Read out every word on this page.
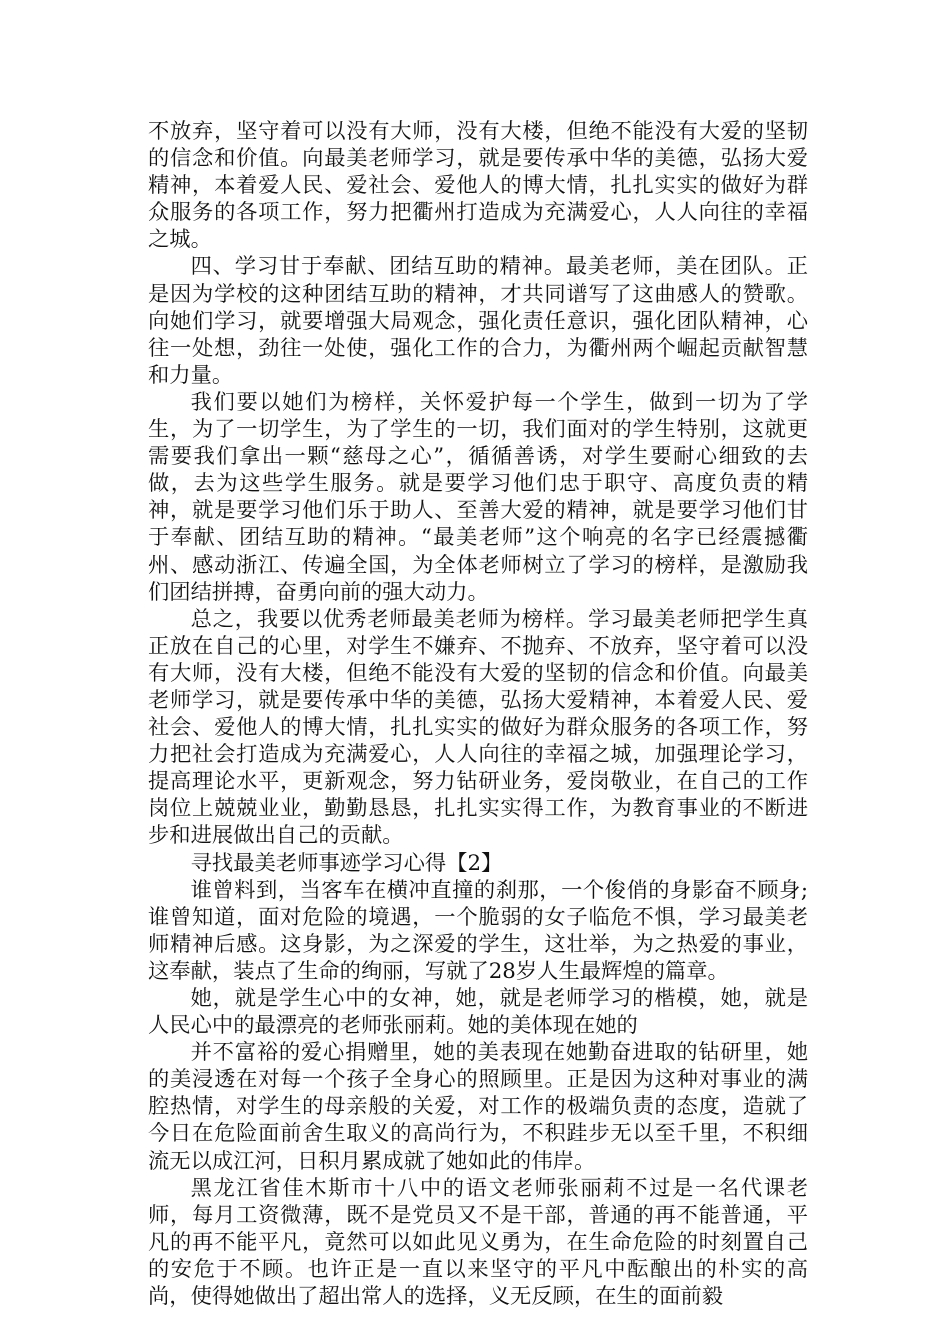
不放弃，坚守着可以没有大师，没有大楼，但绝不能没有大爱的坚韧的信念和价值。向最美老师学习，就是要传承中华的美德，弘扬大爱精神，本着爱人民、爱社会、爱他人的博大情，扎扎实实的做好为群众服务的各项工作，努力把衢州打造成为充满爱心，人人向往的幸福之城。

四、学习甘于奉献、团结互助的精神。最美老师，美在团队。正是因为学校的这种团结互助的精神，才共同谱写了这曲感人的赞歌。向她们学习，就要增强大局观念，强化责任意识，强化团队精神，心往一处想，劲往一处使，强化工作的合力，为衢州两个崛起贡献智慧和力量。

我们要以她们为榜样，关怀爱护每一个学生，做到一切为了学生，为了一切学生，为了学生的一切，我们面对的学生特别，这就更需要我们拿出一颗“慈母之心”，循循善诱，对学生要耐心细致的去做，去为这些学生服务。就是要学习他们忠于职守、高度负责的精神，就是要学习他们乐于助人、至善大爱的精神，就是要学习他们甘于奉献、团结互助的精神。“最美老师”这个响亮的名字已经震撼衢州、感动浙江、传遍全国，为全体老师树立了学习的榜样，是激励我们团结拼搏，奋勇向前的强大动力。

总之，我要以优秀老师最美老师为榜样。学习最美老师把学生真正放在自己的心里，对学生不嫌弃、不抛弃、不放弃，坚守着可以没有大师，没有大楼，但绝不能没有大爱的坚韧的信念和价值。向最美老师学习，就是要传承中华的美德，弘扬大爱精神，本着爱人民、爱社会、爱他人的博大情，扎扎实实的做好为群众服务的各项工作，努力把社会打造成为充满爱心，人人向往的幸福之城，加强理论学习，提高理论水平，更新观念，努力钻研业务，爱岗敬业，在自己的工作岗位上兢兢业业，勤勤恳恳，扎扎实实得工作，为教育事业的不断进步和进展做出自己的贡献。

寻找最美老师事迹学习心得【2】

谁曾料到，当客车在横冲直撞的刹那，一个俊俏的身影奋不顾身;谁曾知道，面对危险的境遇，一个脆弱的女子临危不惧，学习最美老师精神后感。这身影，为之深爱的学生，这壮举，为之热爱的事业，这奉献，装点了生命的绚丽，写就了28岁人生最辉煌的篇章。

她，就是学生心中的女神，她，就是老师学习的楷模，她，就是人民心中的最漂亮的老师张丽莉。她的美体现在她的

并不富裕的爱心捐赠里，她的美表现在她勤奋进取的钻研里，她的美浸透在对每一个孩子全身心的照顾里。正是因为这种对事业的满腔热情，对学生的母亲般的关爱，对工作的极端负责的态度，造就了今日在危险面前舍生取义的高尚行为，不积跬步无以至千里，不积细流无以成江河，日积月累成就了她如此的伟岸。

黑龙江省佳木斯市十八中的语文老师张丽莉不过是一名代课老师，每月工资微薄，既不是党员又不是干部，普通的再不能普通，平凡的再不能平凡，竟然可以如此见义勇为，在生命危险的时刻置自己的安危于不顾。也许正是一直以来坚守的平凡中酝酿出的朴实的高尚，使得她做出了超出常人的选择，义无反顾，在生的面前毅
